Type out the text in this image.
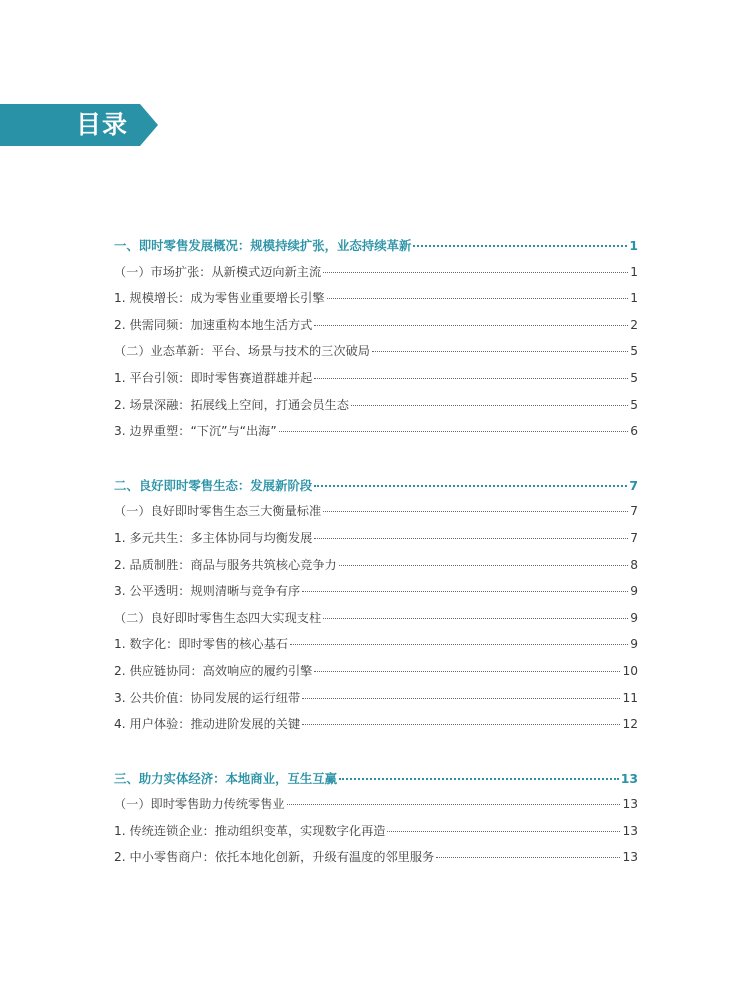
目录
一、即时零售发展概况：规模持续扩张，业态持续革新	1
（一）市场扩张：从新模式迈向新主流	1
1. 规模增长：成为零售业重要增长引擎	1
2. 供需同频：加速重构本地生活方式	2
（二）业态革新：平台、场景与技术的三次破局	5
1. 平台引领：即时零售赛道群雄并起	5
2. 场景深融：拓展线上空间，打通会员生态	5
3. 边界重塑：“下沉”与“出海”	6
二、良好即时零售生态：发展新阶段	7
（一）良好即时零售生态三大衡量标准	7
1. 多元共生：多主体协同与均衡发展	7
2. 品质制胜：商品与服务共筑核心竞争力	8
3. 公平透明：规则清晰与竞争有序	9
（二）良好即时零售生态四大实现支柱	9
1. 数字化：即时零售的核心基石	9
2. 供应链协同：高效响应的履约引擎	10
3. 公共价值：协同发展的运行纽带	11
4. 用户体验：推动进阶发展的关键	12
三、助力实体经济：本地商业，互生互赢	13
（一）即时零售助力传统零售业	13
1. 传统连锁企业：推动组织变革，实现数字化再造	13
2. 中小零售商户：依托本地化创新，升级有温度的邻里服务	13
